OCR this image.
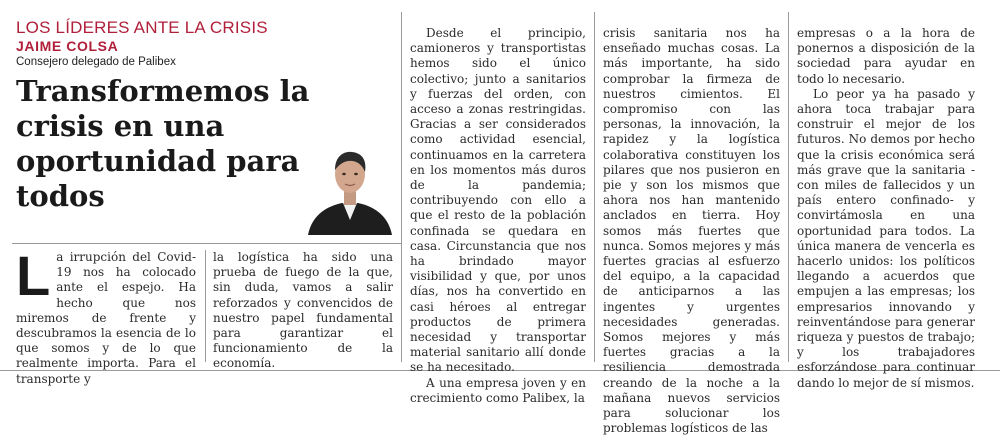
LOS LÍDERES ANTE LA CRISIS
JAIME COLSA
Consejero delegado de Palibex
Transformemos la crisis en una oportunidad para todos

La irrupción del Covid-19 nos ha colocado ante el espejo. Ha hecho que nos miremos de frente y descubramos la esencia de lo que somos y de lo que realmente importa. Para el transporte y

la logística ha sido una prueba de fuego de la que, sin duda, vamos a salir reforzados y convencidos de nuestro papel fundamental para garantizar el funcionamiento de la economía.

Desde el principio, camioneros y transportistas hemos sido el único colectivo; junto a sanitarios y fuerzas del orden, con acceso a zonas restringidas. Gracias a ser considerados como actividad esencial, continuamos en la carretera en los momentos más duros de la pandemia; contribuyendo con ello a que el resto de la población confinada se quedara en casa. Circunstancia que nos ha brindado mayor visibilidad y que, por unos días, nos ha convertido en casi héroes al entregar productos de primera necesidad y transportar material sanitario allí donde se ha necesitado.

A una empresa joven y en crecimiento como Palibex, la

crisis sanitaria nos ha enseñado muchas cosas. La más importante, ha sido comprobar la firmeza de nuestros cimientos. El compromiso con las personas, la innovación, la rapidez y la logística colaborativa constituyen los pilares que nos pusieron en pie y son los mismos que ahora nos han mantenido anclados en tierra. Hoy somos más fuertes que nunca. Somos mejores y más fuertes gracias al esfuerzo del equipo, a la capacidad de anticiparnos a las ingentes y urgentes necesidades generadas. Somos mejores y más fuertes gracias a la resiliencia demostrada creando de la noche a la mañana nuevos servicios para solucionar los problemas logísticos de las

empresas o a la hora de ponernos a disposición de la sociedad para ayudar en todo lo necesario.

Lo peor ya ha pasado y ahora toca trabajar para construir el mejor de los futuros. No demos por hecho que la crisis económica será más grave que la sanitaria -con miles de fallecidos y un país entero confinado- y convirtámosla en una oportunidad para todos. La única manera de vencerla es hacerlo unidos: los políticos llegando a acuerdos que empujen a las empresas; los empresarios innovando y reinventándose para generar riqueza y puestos de trabajo; y los trabajadores esforzándose para continuar dando lo mejor de sí mismos.
